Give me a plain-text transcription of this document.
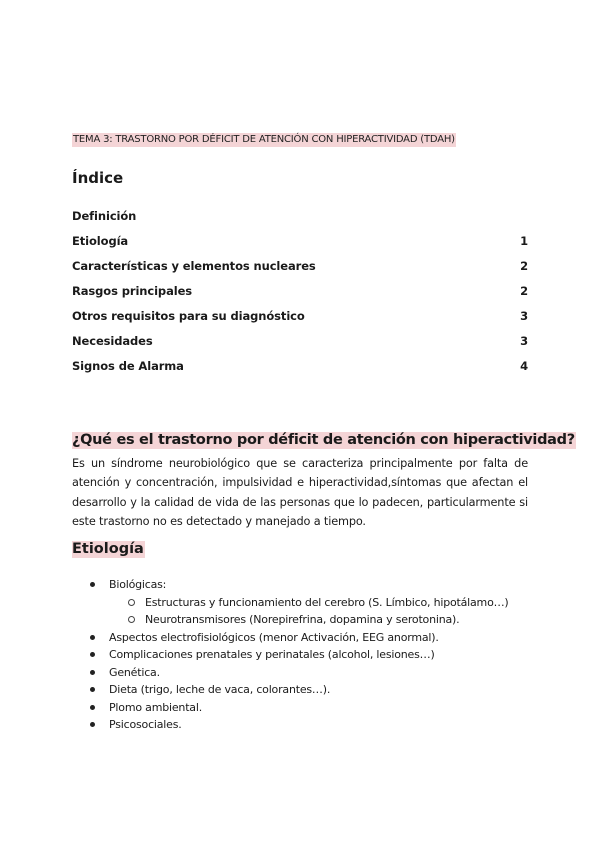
TEMA 3: TRASTORNO POR DÉFICIT DE ATENCIÓN CON HIPERACTIVIDAD (TDAH)
Índice
Definición
Etiología	1
Características y elementos nucleares	2
Rasgos principales	2
Otros requisitos para su diagnóstico	3
Necesidades	3
Signos de Alarma	4
¿Qué es el trastorno por déficit de atención con hiperactividad?
Es un síndrome neurobiológico que se caracteriza principalmente por falta de atención y concentración, impulsividad e hiperactividad,síntomas que afectan el desarrollo y la calidad de vida de las personas que lo padecen, particularmente si este trastorno no es detectado y manejado a tiempo.
Etiología
Biológicas:
Estructuras y funcionamiento del cerebro (S. Límbico, hipotálamo…)
Neurotransmisores (Norepirefrina, dopamina y serotonina).
Aspectos electrofisiológicos (menor Activación, EEG anormal).
Complicaciones prenatales y perinatales (alcohol, lesiones…)
Genética.
Dieta (trigo, leche de vaca, colorantes…).
Plomo ambiental.
Psicosociales.
